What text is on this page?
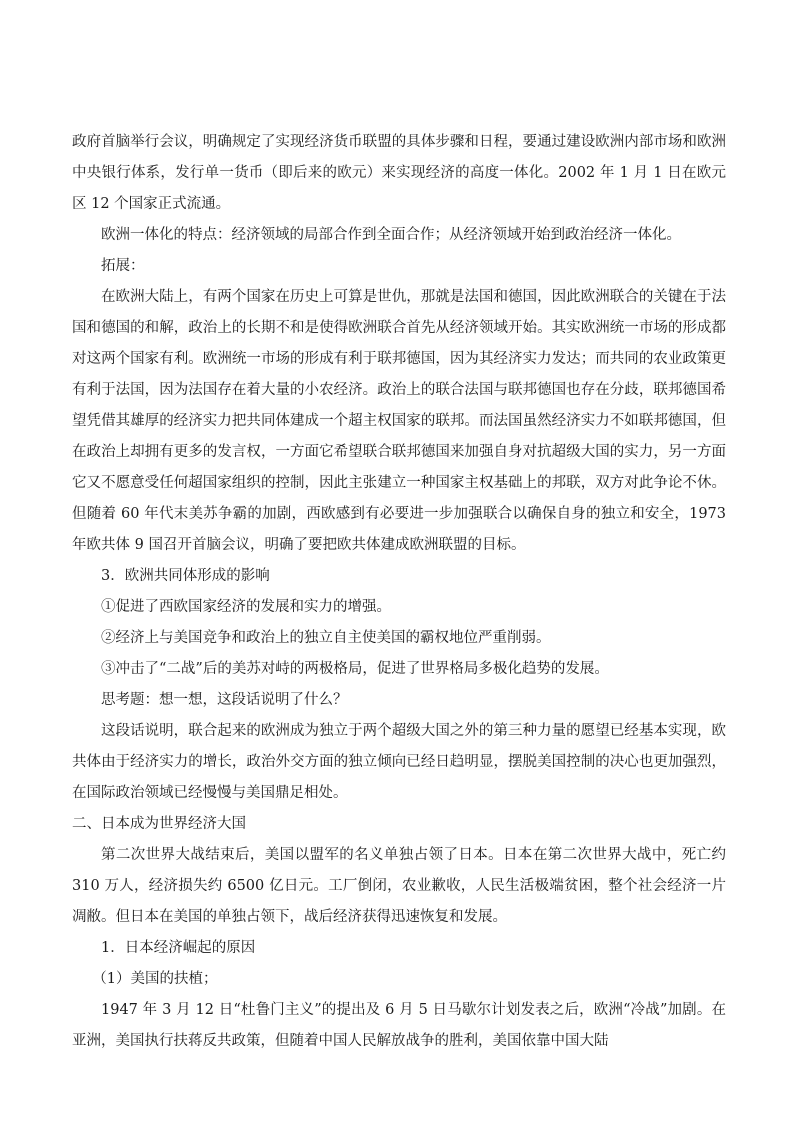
政府首脑举行会议，明确规定了实现经济货币联盟的具体步骤和日程，要通过建设欧洲内部市场和欧洲中央银行体系，发行单一货币（即后来的欧元）来实现经济的高度一体化。2002 年 1 月 1 日在欧元区 12 个国家正式流通。

欧洲一体化的特点：经济领域的局部合作到全面合作；从经济领域开始到政治经济一体化。

拓展：

在欧洲大陆上，有两个国家在历史上可算是世仇，那就是法国和德国，因此欧洲联合的关键在于法国和德国的和解，政治上的长期不和是使得欧洲联合首先从经济领域开始。其实欧洲统一市场的形成都对这两个国家有利。欧洲统一市场的形成有利于联邦德国，因为其经济实力发达；而共同的农业政策更有利于法国，因为法国存在着大量的小农经济。政治上的联合法国与联邦德国也存在分歧，联邦德国希望凭借其雄厚的经济实力把共同体建成一个超主权国家的联邦。而法国虽然经济实力不如联邦德国，但在政治上却拥有更多的发言权，一方面它希望联合联邦德国来加强自身对抗超级大国的实力，另一方面它又不愿意受任何超国家组织的控制，因此主张建立一种国家主权基础上的邦联，双方对此争论不休。但随着 60 年代末美苏争霸的加剧，西欧感到有必要进一步加强联合以确保自身的独立和安全，1973 年欧共体 9 国召开首脑会议，明确了要把欧共体建成欧洲联盟的目标。

3．欧洲共同体形成的影响

①促进了西欧国家经济的发展和实力的增强。

②经济上与美国竞争和政治上的独立自主使美国的霸权地位严重削弱。

③冲击了“二战”后的美苏对峙的两极格局，促进了世界格局多极化趋势的发展。

思考题：想一想，这段话说明了什么？

这段话说明，联合起来的欧洲成为独立于两个超级大国之外的第三种力量的愿望已经基本实现，欧共体由于经济实力的增长，政治外交方面的独立倾向已经日趋明显，摆脱美国控制的决心也更加强烈，在国际政治领域已经慢慢与美国鼎足相处。

二、日本成为世界经济大国

第二次世界大战结束后，美国以盟军的名义单独占领了日本。日本在第二次世界大战中，死亡约 310 万人，经济损失约 6500 亿日元。工厂倒闭，农业歉收，人民生活极端贫困，整个社会经济一片凋敝。但日本在美国的单独占领下，战后经济获得迅速恢复和发展。

1．日本经济崛起的原因

（1）美国的扶植；

1947 年 3 月 12 日“杜鲁门主义”的提出及 6 月 5 日马歇尔计划发表之后，欧洲“冷战”加剧。在亚洲，美国执行扶蒋反共政策，但随着中国人民解放战争的胜利，美国依靠中国大陆
